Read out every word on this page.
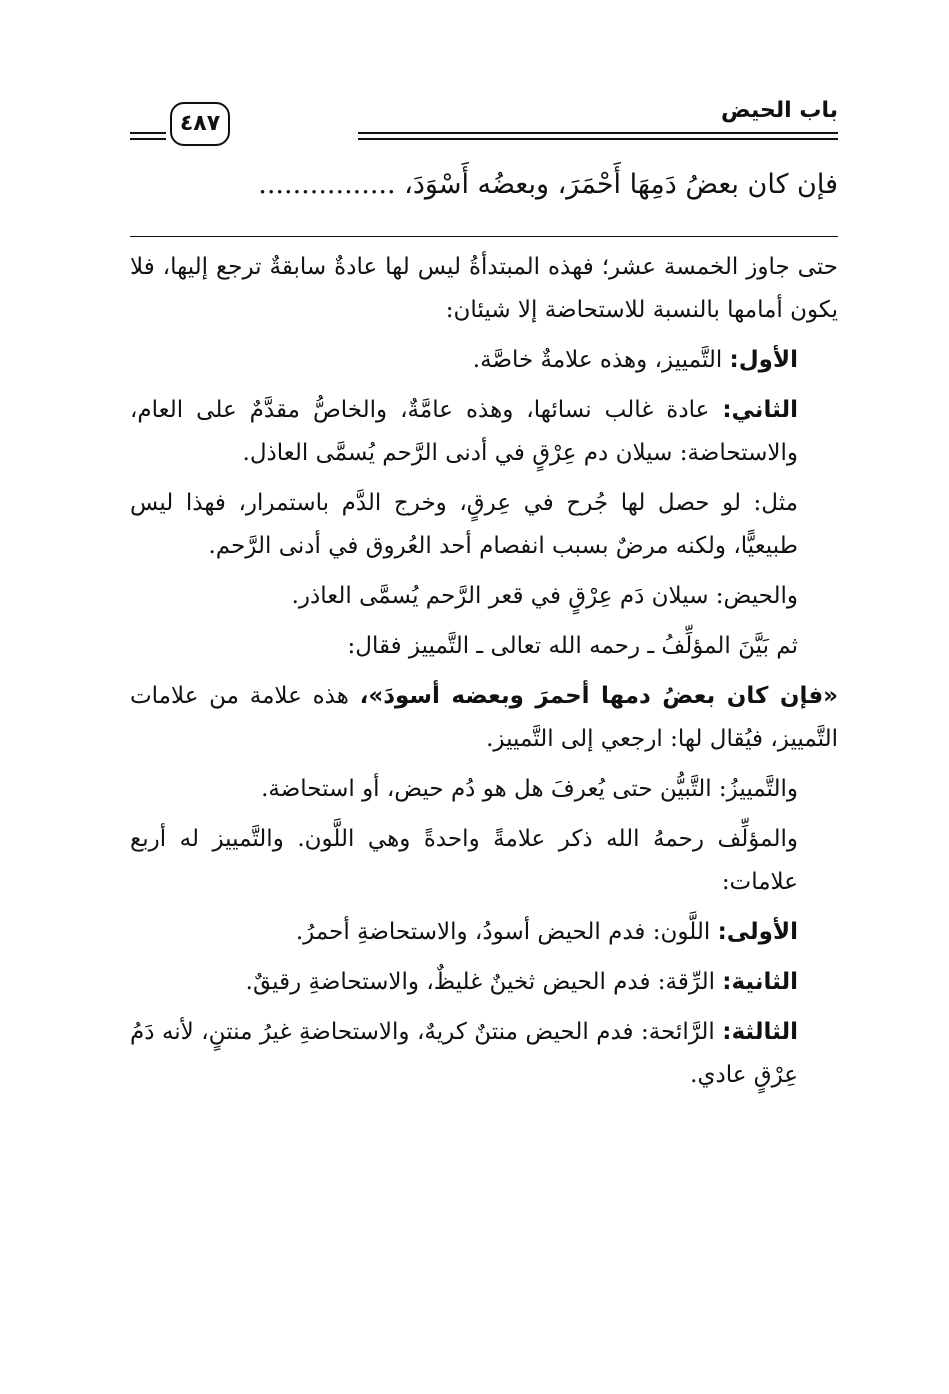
باب الحيض
٤٨٧
فإن كان بعضُ دَمِهَا أَحْمَرَ، وبعضُه أَسْوَدَ، ................

حتى جاوز الخمسة عشر؛ فهذه المبتدأةُ ليس لها عادةٌ سابقةٌ ترجع إليها، فلا يكون أمامها بالنسبة للاستحاضة إلا شيئان:

الأول: التَّمييز، وهذه علامةٌ خاصَّة.

الثاني: عادة غالب نسائها، وهذه عامَّةٌ، والخاصُّ مقدَّمٌ على العام، والاستحاضة: سيلان دم عِرْقٍ في أدنى الرَّحم يُسمَّى العاذل.

مثل: لو حصل لها جُرح في عِرقٍ، وخرج الدَّم باستمرار، فهذا ليس طبيعيًّا، ولكنه مرضٌ بسبب انفصام أحد العُروق في أدنى الرَّحم.

والحيض: سيلان دَم عِرْقٍ في قعر الرَّحم يُسمَّى العاذر.

ثم بَيَّنَ المؤلِّفُ ـ رحمه الله تعالى ـ التَّمييز فقال:

«فإن كان بعضُ دمها أحمرَ وبعضه أسودَ»، هذه علامة من علامات التَّمييز، فيُقال لها: ارجعي إلى التَّمييز.

والتَّمييزُ: التَّبيُّن حتى يُعرفَ هل هو دُم حيض، أو استحاضة.

والمؤلِّف رحمهُ الله ذكر علامةً واحدةً وهي اللَّون. والتَّمييز له أربع علامات:

الأولى: اللَّون: فدم الحيض أسودُ، والاستحاضةِ أحمرُ.

الثانية: الرِّقة: فدم الحيض ثخينٌ غليظٌ، والاستحاضةِ رقيقٌ.

الثالثة: الرَّائحة: فدم الحيض منتنٌ كريهٌ، والاستحاضةِ غيرُ منتنٍ، لأنه دَمُ عِرْقٍ عادي.
